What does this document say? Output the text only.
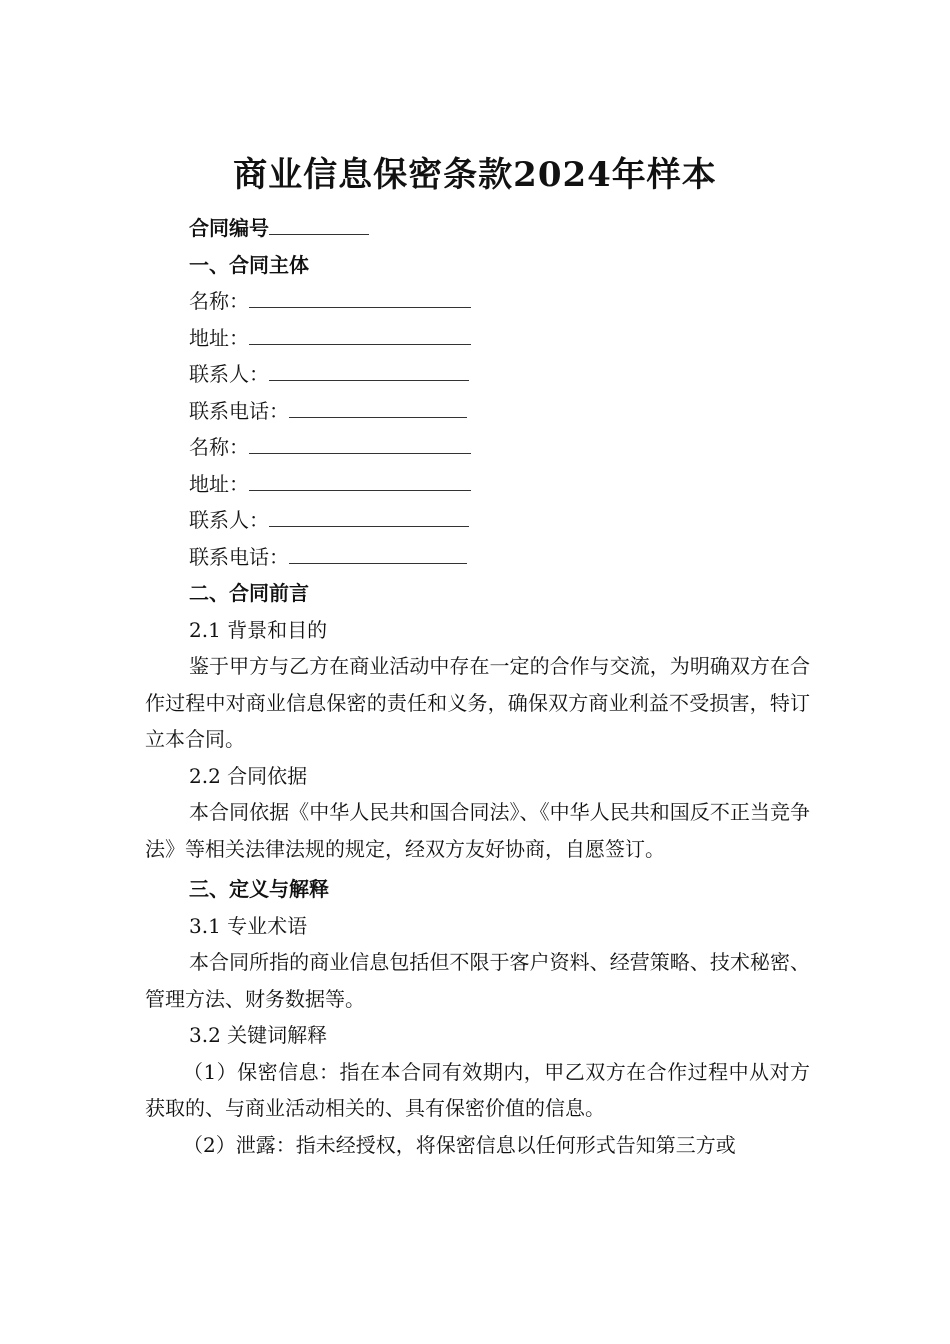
商业信息保密条款2024年样本

合同编号

一、合同主体

名称：

地址：

联系人：

联系电话：

名称：

地址：

联系人：

联系电话：

二、合同前言

2.1 背景和目的

鉴于甲方与乙方在商业活动中存在一定的合作与交流，为明确双方在合作过程中对商业信息保密的责任和义务，确保双方商业利益不受损害，特订立本合同。

2.2 合同依据

本合同依据《中华人民共和国合同法》、《中华人民共和国反不正当竞争法》等相关法律法规的规定，经双方友好协商，自愿签订。

三、定义与解释

3.1 专业术语

本合同所指的商业信息包括但不限于客户资料、经营策略、技术秘密、管理方法、财务数据等。

3.2 关键词解释

（1）保密信息：指在本合同有效期内，甲乙双方在合作过程中从对方获取的、与商业活动相关的、具有保密价值的信息。

（2）泄露：指未经授权，将保密信息以任何形式告知第三方或
